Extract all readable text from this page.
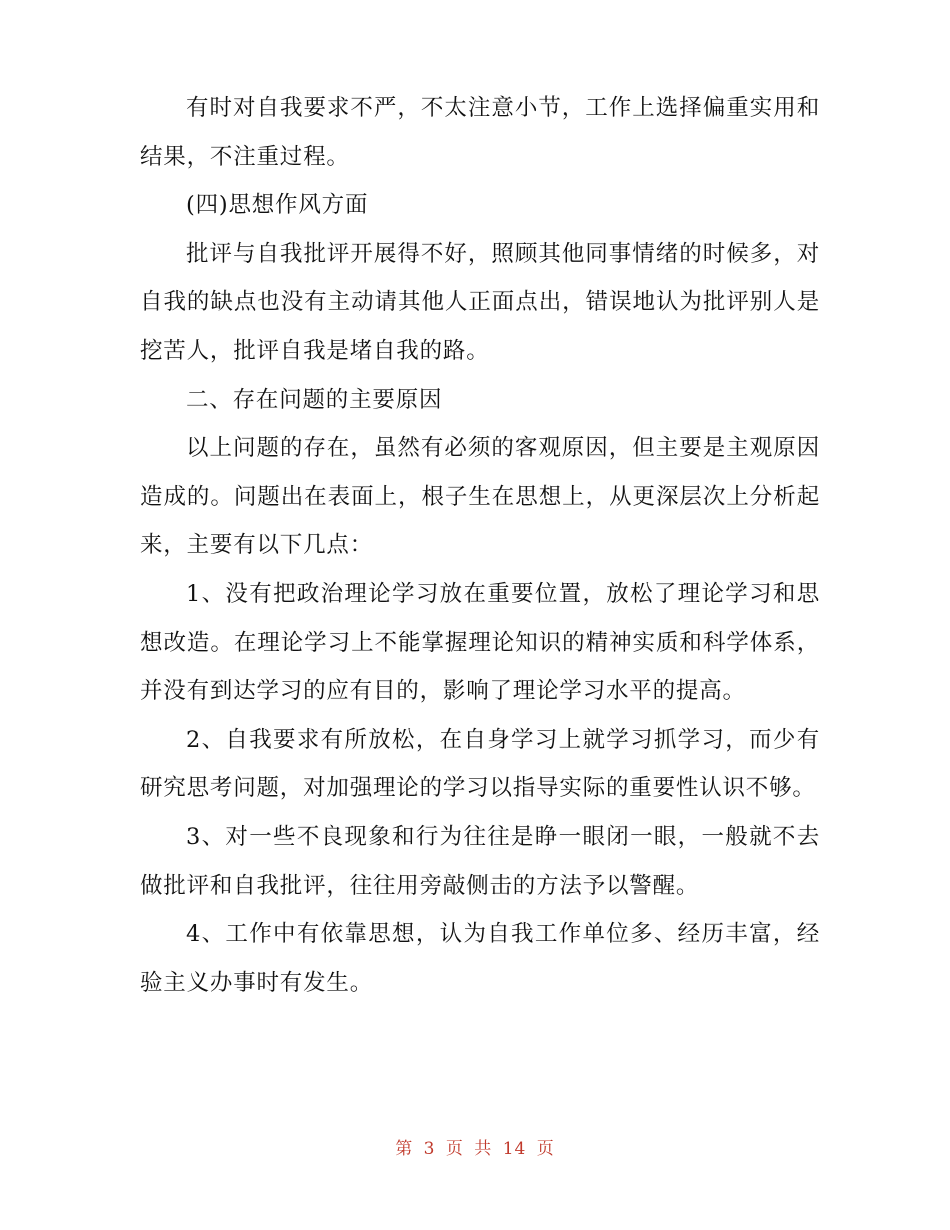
有时对自我要求不严，不太注意小节，工作上选择偏重实用和结果，不注重过程。

(四)思想作风方面

批评与自我批评开展得不好，照顾其他同事情绪的时候多，对自我的缺点也没有主动请其他人正面点出，错误地认为批评别人是挖苦人，批评自我是堵自我的路。

二、存在问题的主要原因

以上问题的存在，虽然有必须的客观原因，但主要是主观原因造成的。问题出在表面上，根子生在思想上，从更深层次上分析起来，主要有以下几点：

1、没有把政治理论学习放在重要位置，放松了理论学习和思想改造。在理论学习上不能掌握理论知识的精神实质和科学体系，并没有到达学习的应有目的，影响了理论学习水平的提高。

2、自我要求有所放松，在自身学习上就学习抓学习，而少有研究思考问题，对加强理论的学习以指导实际的重要性认识不够。

3、对一些不良现象和行为往往是睁一眼闭一眼，一般就不去做批评和自我批评，往往用旁敲侧击的方法予以警醒。

4、工作中有依靠思想，认为自我工作单位多、经历丰富，经验主义办事时有发生。

第 3 页 共 14 页
